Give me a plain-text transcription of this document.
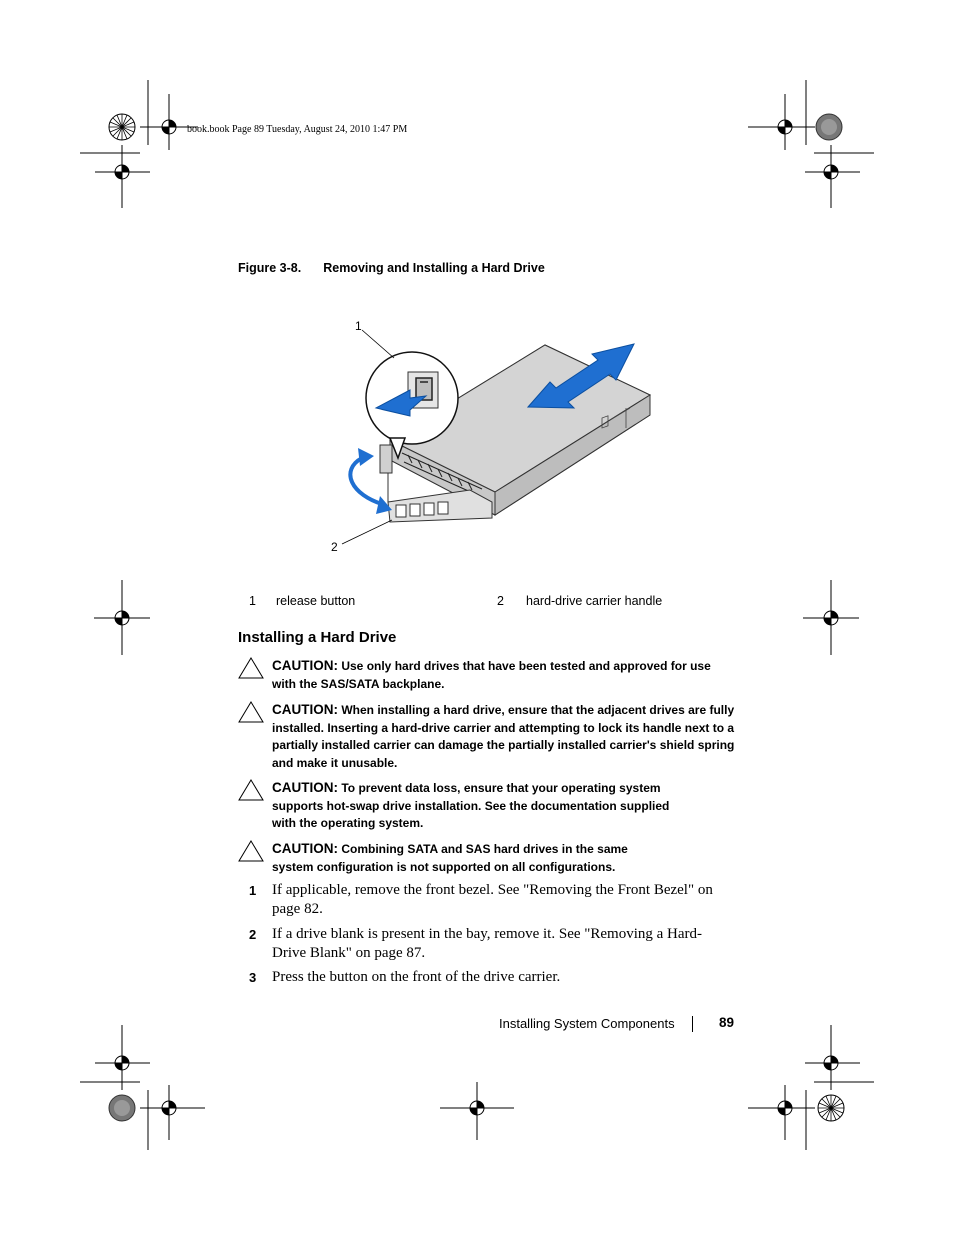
book.book Page 89 Tuesday, August 24, 2010 1:47 PM
Figure 3-8. Removing and Installing a Hard Drive
1
2
1 release button	2 hard-drive carrier handle
Installing a Hard Drive
CAUTION: Use only hard drives that have been tested and approved for use with the SAS/SATA backplane.
CAUTION: When installing a hard drive, ensure that the adjacent drives are fully installed. Inserting a hard-drive carrier and attempting to lock its handle next to a partially installed carrier can damage the partially installed carrier's shield spring and make it unusable.
CAUTION: To prevent data loss, ensure that your operating system supports hot-swap drive installation. See the documentation supplied with the operating system.
CAUTION: Combining SATA and SAS hard drives in the same system configuration is not supported on all configurations.
1 If applicable, remove the front bezel. See "Removing the Front Bezel" on page 82.
2 If a drive blank is present in the bay, remove it. See "Removing a Hard-Drive Blank" on page 87.
3 Press the button on the front of the drive carrier.
Installing System Components	89
